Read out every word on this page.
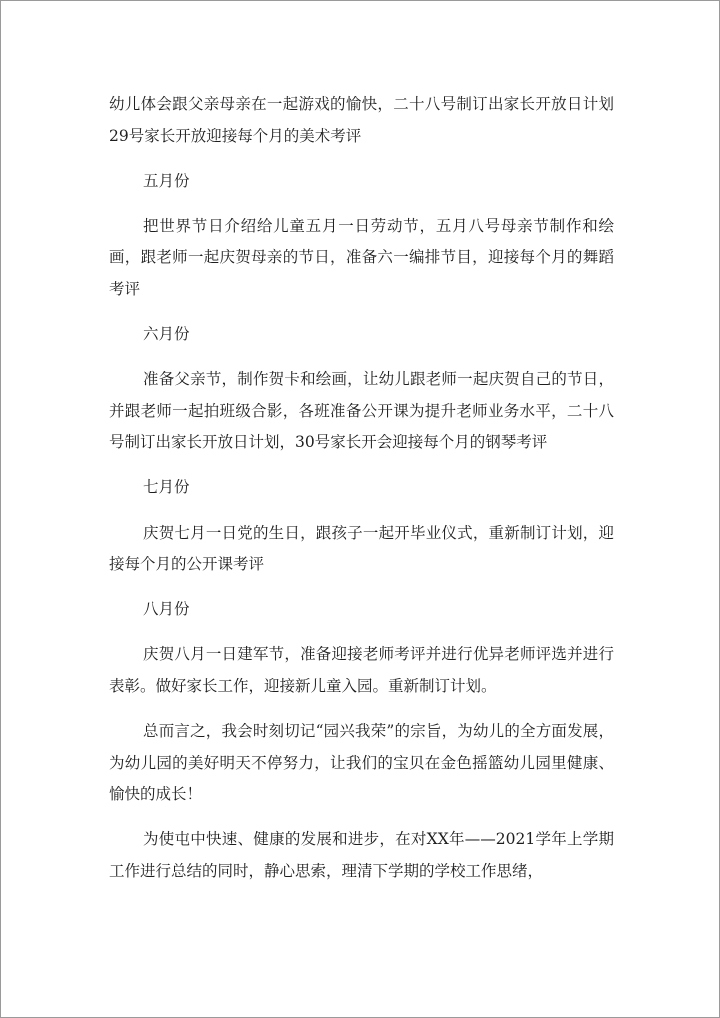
幼儿体会跟父亲母亲在一起游戏的愉快，二十八号制订出家长开放日计划29号家长开放迎接每个月的美术考评

五月份

把世界节日介绍给儿童五月一日劳动节，五月八号母亲节制作和绘画，跟老师一起庆贺母亲的节日，准备六一编排节目，迎接每个月的舞蹈考评

六月份

准备父亲节，制作贺卡和绘画，让幼儿跟老师一起庆贺自己的节日，并跟老师一起拍班级合影，各班准备公开课为提升老师业务水平，二十八号制订出家长开放日计划，30号家长开会迎接每个月的钢琴考评

七月份

庆贺七月一日党的生日，跟孩子一起开毕业仪式，重新制订计划，迎接每个月的公开课考评

八月份

庆贺八月一日建军节，准备迎接老师考评并进行优异老师评选并进行表彰。做好家长工作，迎接新儿童入园。重新制订计划。

总而言之，我会时刻切记“园兴我荣”的宗旨，为幼儿的全方面发展，为幼儿园的美好明天不停努力，让我们的宝贝在金色摇篮幼儿园里健康、愉快的成长！

为使屯中快速、健康的发展和进步，在对XX年——2021学年上学期工作进行总结的同时，静心思索，理清下学期的学校工作思绪，
